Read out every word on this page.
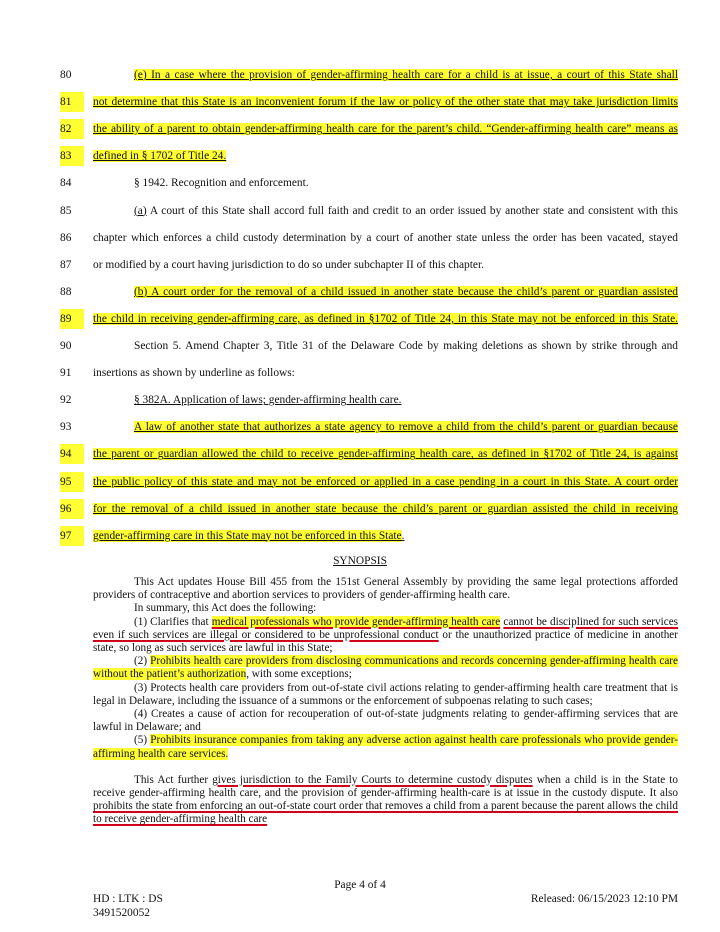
80	(e) In a case where the provision of gender-affirming health care for a child is at issue, a court of this State shall
81	not determine that this State is an inconvenient forum if the law or policy of the other state that may take jurisdiction limits
82	the ability of a parent to obtain gender-affirming health care for the parent’s child. “Gender-affirming health care” means as
83	defined in § 1702 of Title 24.
84	§ 1942. Recognition and enforcement.
85	(a) A court of this State shall accord full faith and credit to an order issued by another state and consistent with this
86	chapter which enforces a child custody determination by a court of another state unless the order has been vacated, stayed
87	or modified by a court having jurisdiction to do so under subchapter II of this chapter.
88	(b) A court order for the removal of a child issued in another state because the child’s parent or guardian assisted
89	the child in receiving gender-affirming care, as defined in §1702 of Title 24, in this State may not be enforced in this State.
90	Section 5. Amend Chapter 3, Title 31 of the Delaware Code by making deletions as shown by strike through and
91	insertions as shown by underline as follows:
92	§ 382A. Application of laws; gender-affirming health care.
93	A law of another state that authorizes a state agency to remove a child from the child’s parent or guardian because
94	the parent or guardian allowed the child to receive gender-affirming health care, as defined in §1702 of Title 24, is against
95	the public policy of this state and may not be enforced or applied in a case pending in a court in this State. A court order
96	for the removal of a child issued in another state because the child’s parent or guardian assisted the child in receiving
97	gender-affirming care in this State may not be enforced in this State.
SYNOPSIS

This Act updates House Bill 455 from the 151st General Assembly by providing the same legal protections afforded providers of contraceptive and abortion services to providers of gender-affirming health care.

In summary, this Act does the following:

(1) Clarifies that medical professionals who provide gender-affirming health care cannot be disciplined for such services even if such services are illegal or considered to be unprofessional conduct or the unauthorized practice of medicine in another state, so long as such services are lawful in this State;

(2) Prohibits health care providers from disclosing communications and records concerning gender-affirming health care without the patient’s authorization, with some exceptions;

(3) Protects health care providers from out-of-state civil actions relating to gender-affirming health care treatment that is legal in Delaware, including the issuance of a summons or the enforcement of subpoenas relating to such cases;

(4) Creates a cause of action for recouperation of out-of-state judgments relating to gender-affirming services that are lawful in Delaware; and

(5) Prohibits insurance companies from taking any adverse action against health care professionals who provide gender-affirming health care services.

This Act further gives jurisdiction to the Family Courts to determine custody disputes when a child is in the State to receive gender-affirming health care, and the provision of gender-affirming health-care is at issue in the custody dispute. It also prohibits the state from enforcing an out-of-state court order that removes a child from a parent because the parent allows the child to receive gender-affirming health care

Page 4 of 4
HD : LTK : DS
3491520052
Released: 06/15/2023 12:10 PM
